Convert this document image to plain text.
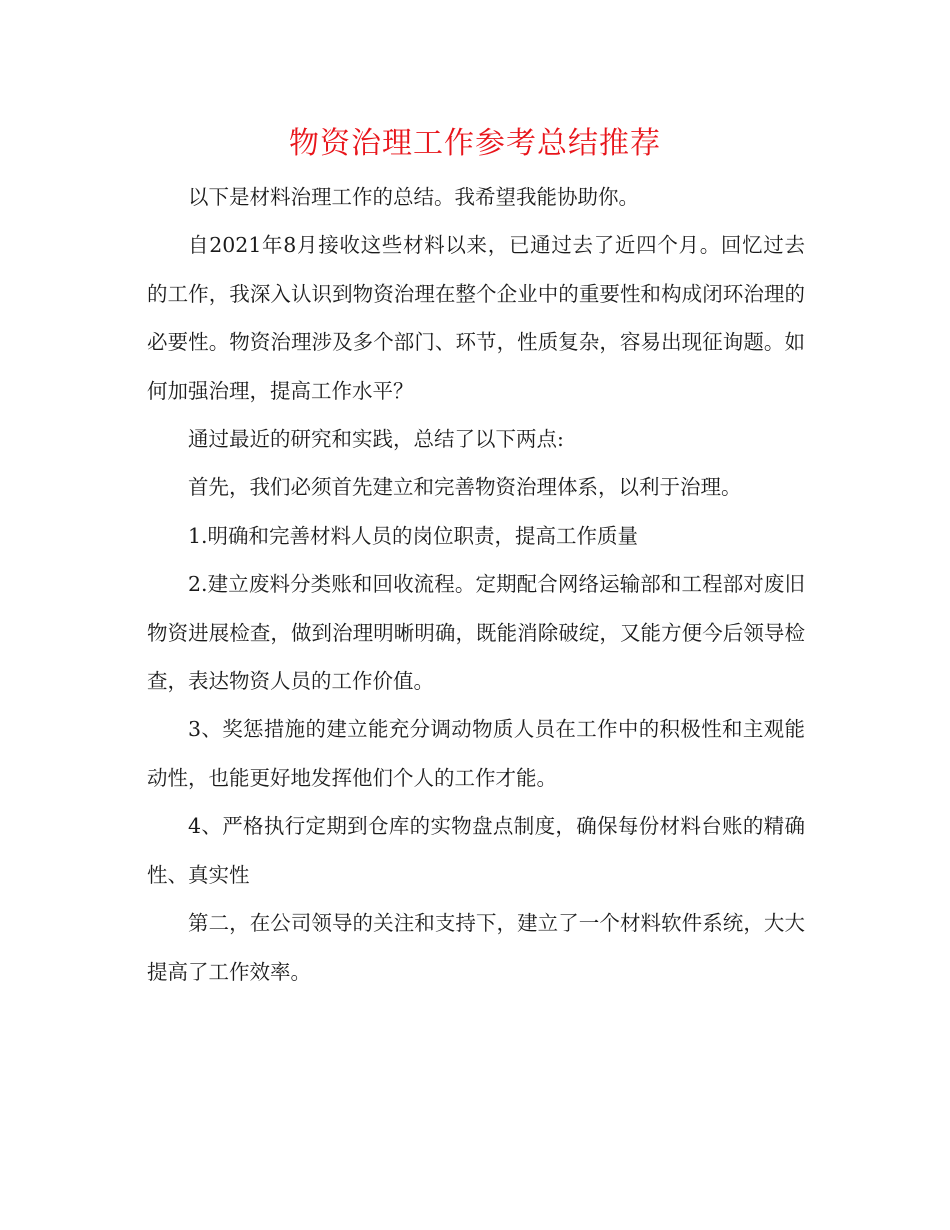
物资治理工作参考总结推荐

以下是材料治理工作的总结。我希望我能协助你。

自2021年8月接收这些材料以来，已通过去了近四个月。回忆过去的工作，我深入认识到物资治理在整个企业中的重要性和构成闭环治理的必要性。物资治理涉及多个部门、环节，性质复杂，容易出现征询题。如何加强治理，提高工作水平？

通过最近的研究和实践，总结了以下两点:

首先，我们必须首先建立和完善物资治理体系，以利于治理。

1.明确和完善材料人员的岗位职责，提高工作质量

2.建立废料分类账和回收流程。定期配合网络运输部和工程部对废旧物资进展检查，做到治理明晰明确，既能消除破绽，又能方便今后领导检查，表达物资人员的工作价值。

3、奖惩措施的建立能充分调动物质人员在工作中的积极性和主观能动性，也能更好地发挥他们个人的工作才能。

4、严格执行定期到仓库的实物盘点制度，确保每份材料台账的精确性、真实性

第二，在公司领导的关注和支持下，建立了一个材料软件系统，大大提高了工作效率。
